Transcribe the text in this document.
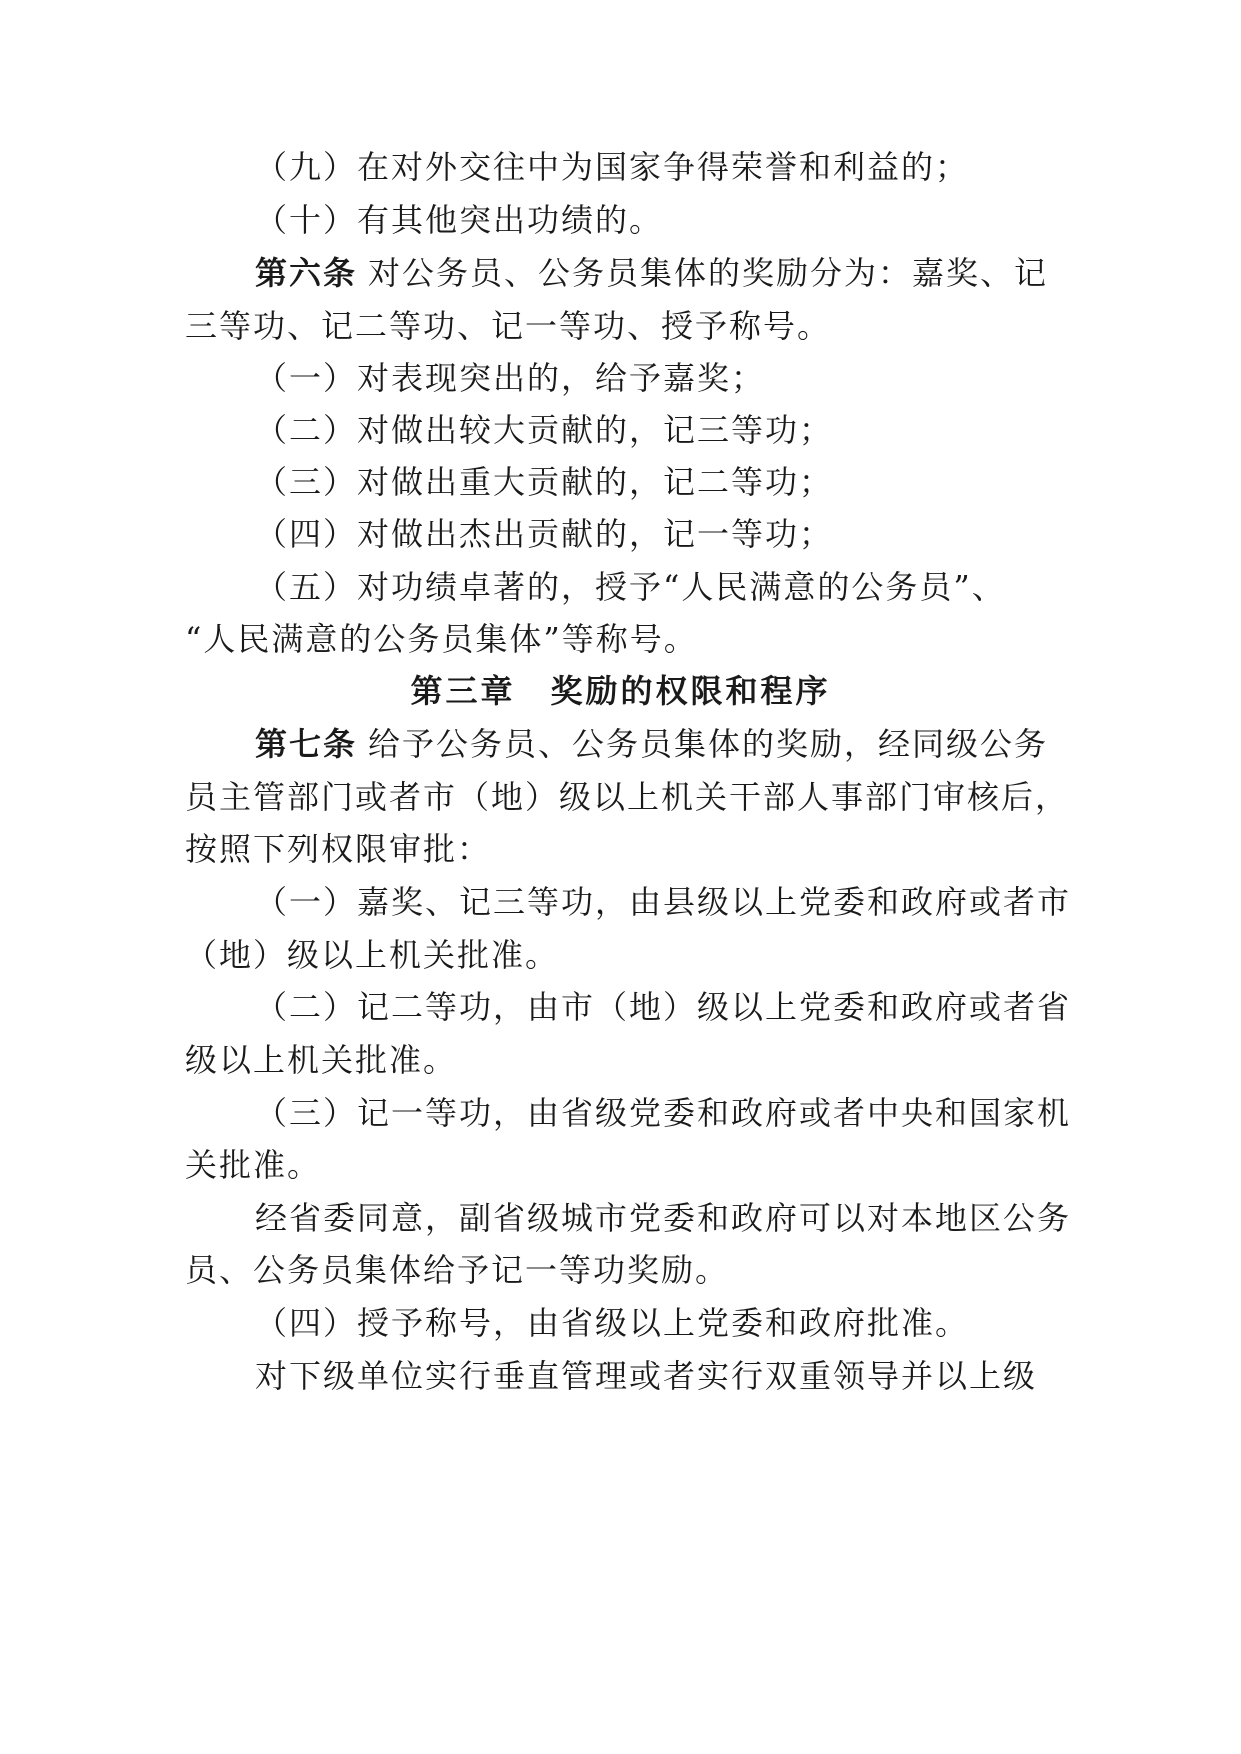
（九）在对外交往中为国家争得荣誉和利益的；
（十）有其他突出功绩的。
第六条 对公务员、公务员集体的奖励分为：嘉奖、记
三等功、记二等功、记一等功、授予称号。
（一）对表现突出的，给予嘉奖；
（二）对做出较大贡献的，记三等功；
（三）对做出重大贡献的，记二等功；
（四）对做出杰出贡献的，记一等功；
（五）对功绩卓著的，授予“人民满意的公务员”、
“人民满意的公务员集体”等称号。
第三章　奖励的权限和程序
第七条 给予公务员、公务员集体的奖励，经同级公务
员主管部门或者市（地）级以上机关干部人事部门审核后，
按照下列权限审批：
（一）嘉奖、记三等功，由县级以上党委和政府或者市
（地）级以上机关批准。
（二）记二等功，由市（地）级以上党委和政府或者省
级以上机关批准。
（三）记一等功，由省级党委和政府或者中央和国家机
关批准。
经省委同意，副省级城市党委和政府可以对本地区公务
员、公务员集体给予记一等功奖励。
（四）授予称号，由省级以上党委和政府批准。
对下级单位实行垂直管理或者实行双重领导并以上级
